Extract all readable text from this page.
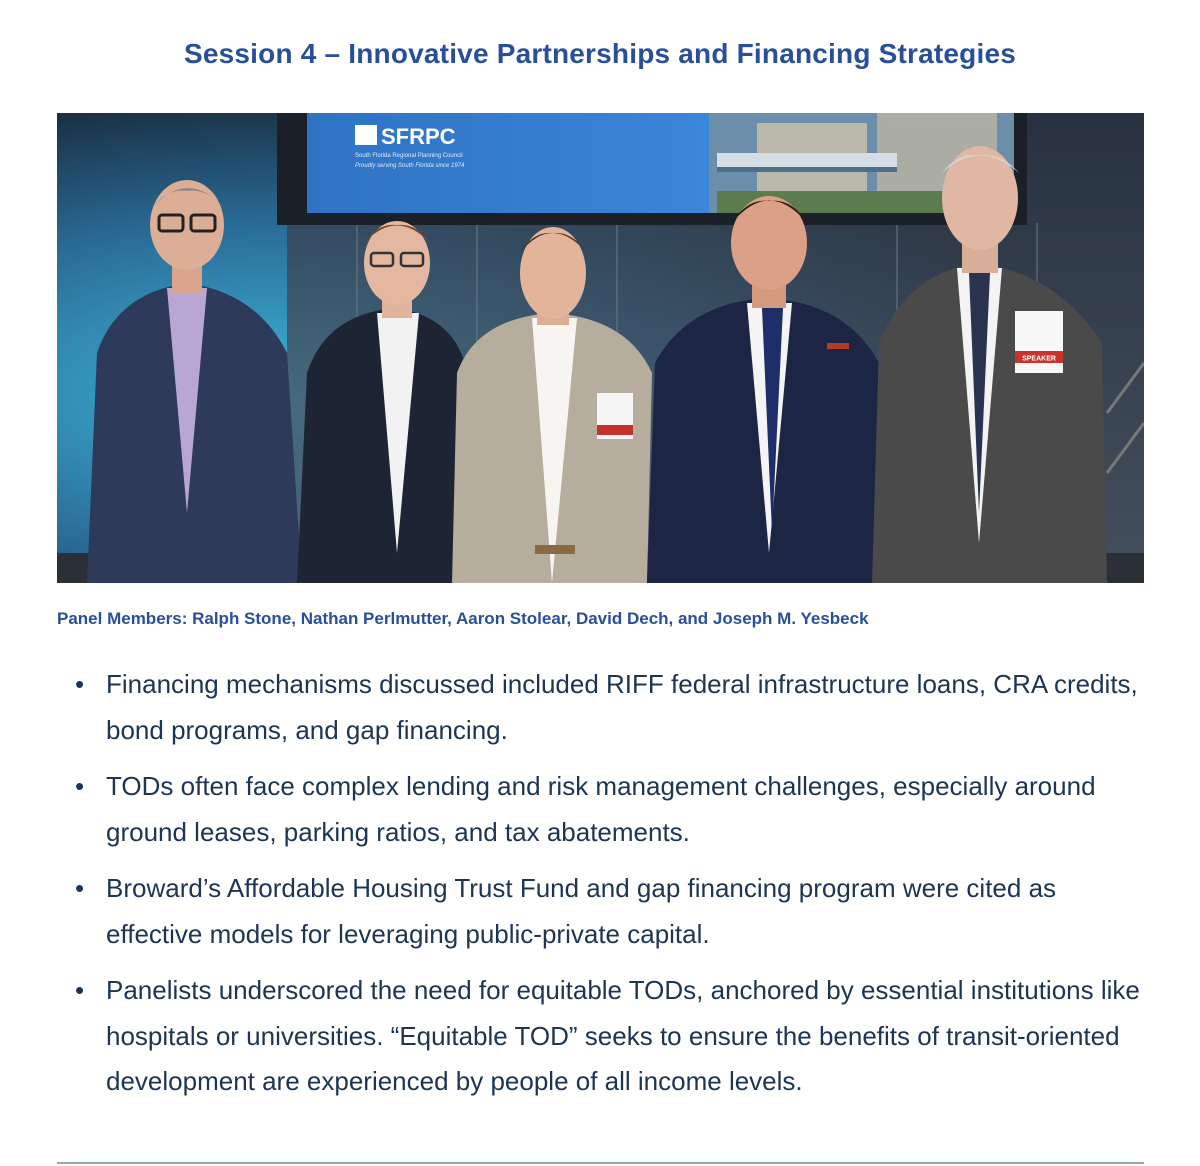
Session 4 – Innovative Partnerships and Financing Strategies
SFRPC
South Florida Regional Planning Council
Proudly serving South Florida since 1974
SPEAKER
Panel Members: Ralph Stone, Nathan Perlmutter, Aaron Stolear, David Dech, and Joseph M. Yesbeck
• Financing mechanisms discussed included RIFF federal infrastructure loans, CRA credits, bond programs, and gap financing.
• TODs often face complex lending and risk management challenges, especially around ground leases, parking ratios, and tax abatements.
• Broward’s Affordable Housing Trust Fund and gap financing program were cited as effective models for leveraging public-private capital.
• Panelists underscored the need for equitable TODs, anchored by essential institutions like hospitals or universities. “Equitable TOD” seeks to ensure the benefits of transit-oriented development are experienced by people of all income levels.
